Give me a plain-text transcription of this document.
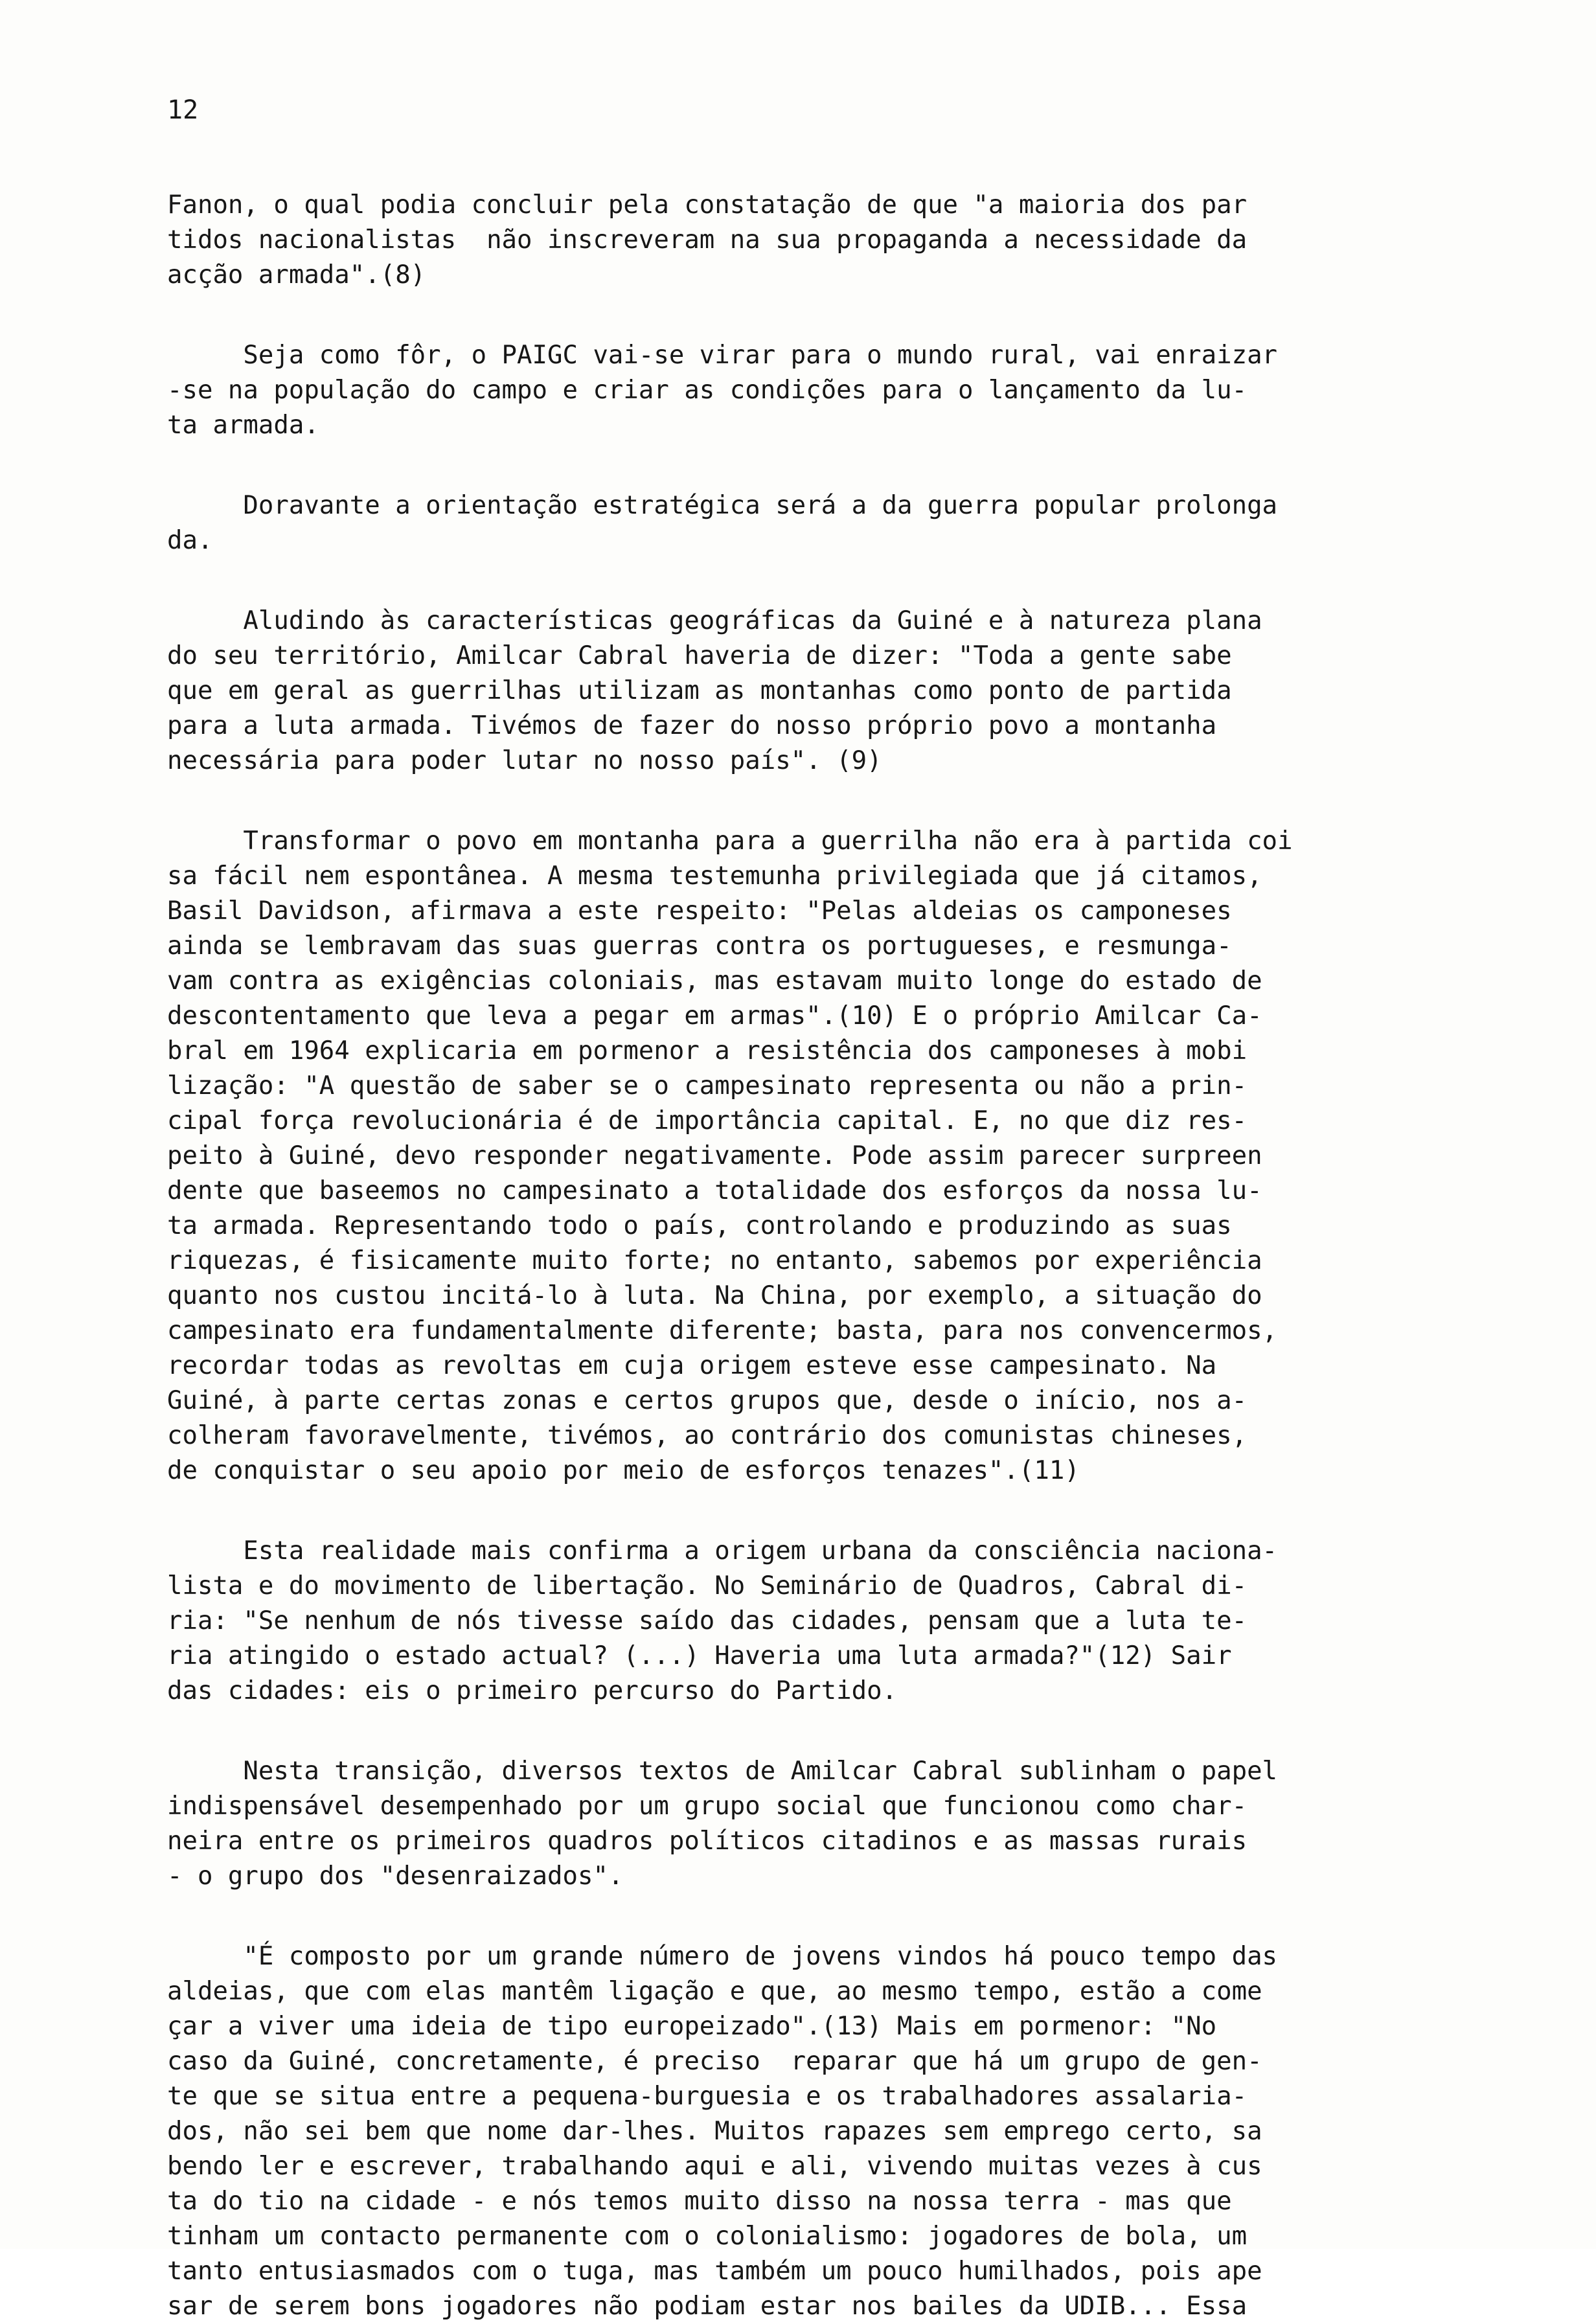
12
Fanon, o qual podia concluir pela constatação de que "a maioria dos par
tidos nacionalistas  não inscreveram na sua propaganda a necessidade da
acção armada".(8)
Seja como fôr, o PAIGC vai-se virar para o mundo rural, vai enraizar
-se na população do campo e criar as condições para o lançamento da lu-
ta armada.
Doravante a orientação estratégica será a da guerra popular prolonga
da.
Aludindo às características geográficas da Guiné e à natureza plana
do seu território, Amilcar Cabral haveria de dizer: "Toda a gente sabe
que em geral as guerrilhas utilizam as montanhas como ponto de partida
para a luta armada. Tivémos de fazer do nosso próprio povo a montanha
necessária para poder lutar no nosso país". (9)
Transformar o povo em montanha para a guerrilha não era à partida coi
sa fácil nem espontânea. A mesma testemunha privilegiada que já citamos,
Basil Davidson, afirmava a este respeito: "Pelas aldeias os camponeses
ainda se lembravam das suas guerras contra os portugueses, e resmunga-
vam contra as exigências coloniais, mas estavam muito longe do estado de
descontentamento que leva a pegar em armas".(10) E o próprio Amilcar Ca-
bral em 1964 explicaria em pormenor a resistência dos camponeses à mobi
lização: "A questão de saber se o campesinato representa ou não a prin-
cipal força revolucionária é de importância capital. E, no que diz res-
peito à Guiné, devo responder negativamente. Pode assim parecer surpreen
dente que baseemos no campesinato a totalidade dos esforços da nossa lu-
ta armada. Representando todo o país, controlando e produzindo as suas
riquezas, é fisicamente muito forte; no entanto, sabemos por experiência
quanto nos custou incitá-lo à luta. Na China, por exemplo, a situação do
campesinato era fundamentalmente diferente; basta, para nos convencermos,
recordar todas as revoltas em cuja origem esteve esse campesinato. Na
Guiné, à parte certas zonas e certos grupos que, desde o início, nos a-
colheram favoravelmente, tivémos, ao contrário dos comunistas chineses,
de conquistar o seu apoio por meio de esforços tenazes".(11)
Esta realidade mais confirma a origem urbana da consciência naciona-
lista e do movimento de libertação. No Seminário de Quadros, Cabral di-
ria: "Se nenhum de nós tivesse saído das cidades, pensam que a luta te-
ria atingido o estado actual? (...) Haveria uma luta armada?"(12) Sair
das cidades: eis o primeiro percurso do Partido.
Nesta transição, diversos textos de Amilcar Cabral sublinham o papel
indispensável desempenhado por um grupo social que funcionou como char-
neira entre os primeiros quadros políticos citadinos e as massas rurais
- o grupo dos "desenraizados".
"É composto por um grande número de jovens vindos há pouco tempo das
aldeias, que com elas mantêm ligação e que, ao mesmo tempo, estão a come
çar a viver uma ideia de tipo europeizado".(13) Mais em pormenor: "No
caso da Guiné, concretamente, é preciso  reparar que há um grupo de gen-
te que se situa entre a pequena-burguesia e os trabalhadores assalaria-
dos, não sei bem que nome dar-lhes. Muitos rapazes sem emprego certo, sa
bendo ler e escrever, trabalhando aqui e ali, vivendo muitas vezes à cus
ta do tio na cidade - e nós temos muito disso na nossa terra - mas que
tinham um contacto permanente com o colonialismo: jogadores de bola, um
tanto entusiasmados com o tuga, mas também um pouco humilhados, pois ape
sar de serem bons jogadores não podiam estar nos bailes da UDIB... Essa
